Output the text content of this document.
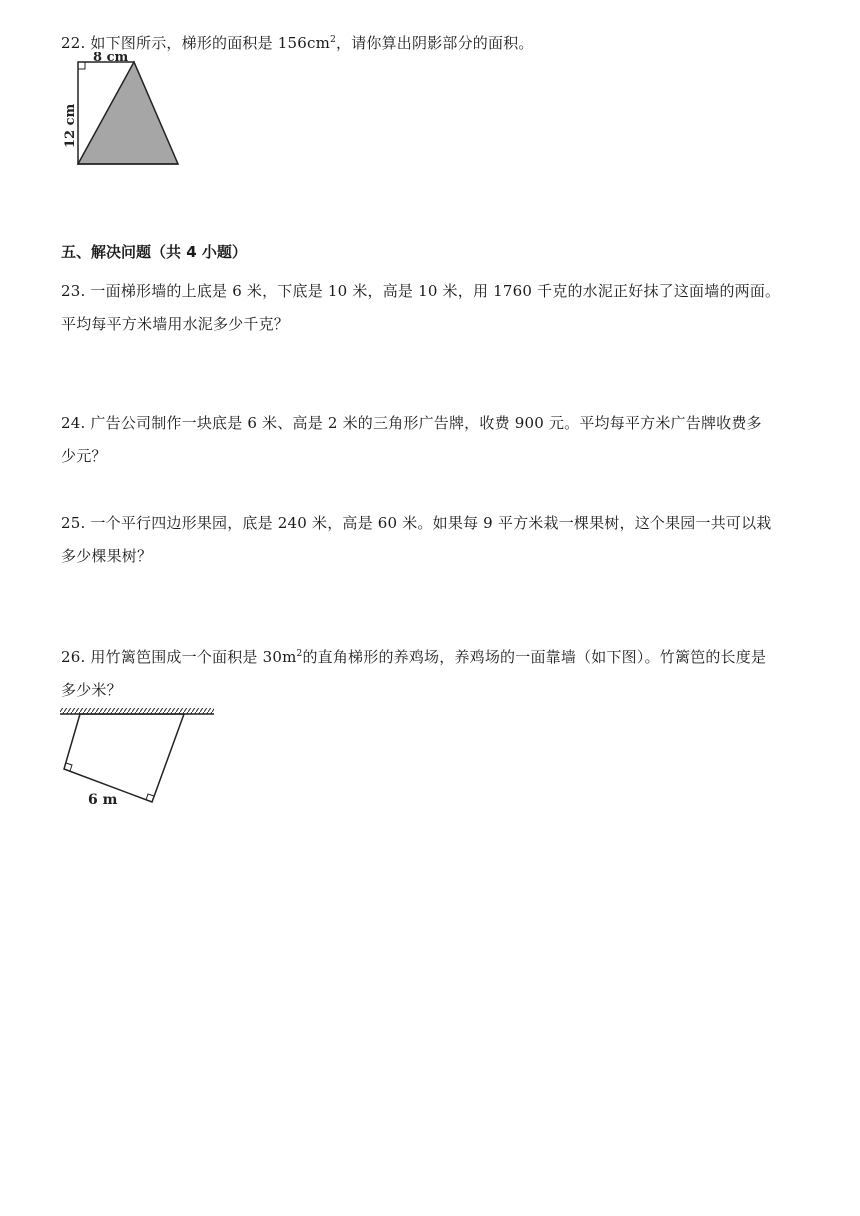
22. 如下图所示，梯形的面积是 $156cm^2$，请你算出阴影部分的面积。
8 cm
12 cm
五、解决问题（共 4 小题）
23. 一面梯形墙的上底是 6 米，下底是 10 米，高是 10 米，用 1760 千克的水泥正好抹了这面墙的两面。
平均每平方米墙用水泥多少千克？
24. 广告公司制作一块底是 6 米、高是 2 米的三角形广告牌，收费 900 元。平均每平方米广告牌收费多
少元？
25. 一个平行四边形果园，底是 240 米，高是 60 米。如果每 9 平方米栽一棵果树，这个果园一共可以栽
多少棵果树？
26. 用竹篱笆围成一个面积是 $30m^2$的直角梯形的养鸡场，养鸡场的一面靠墙（如下图）。竹篱笆的长度是
多少米？
6 m
